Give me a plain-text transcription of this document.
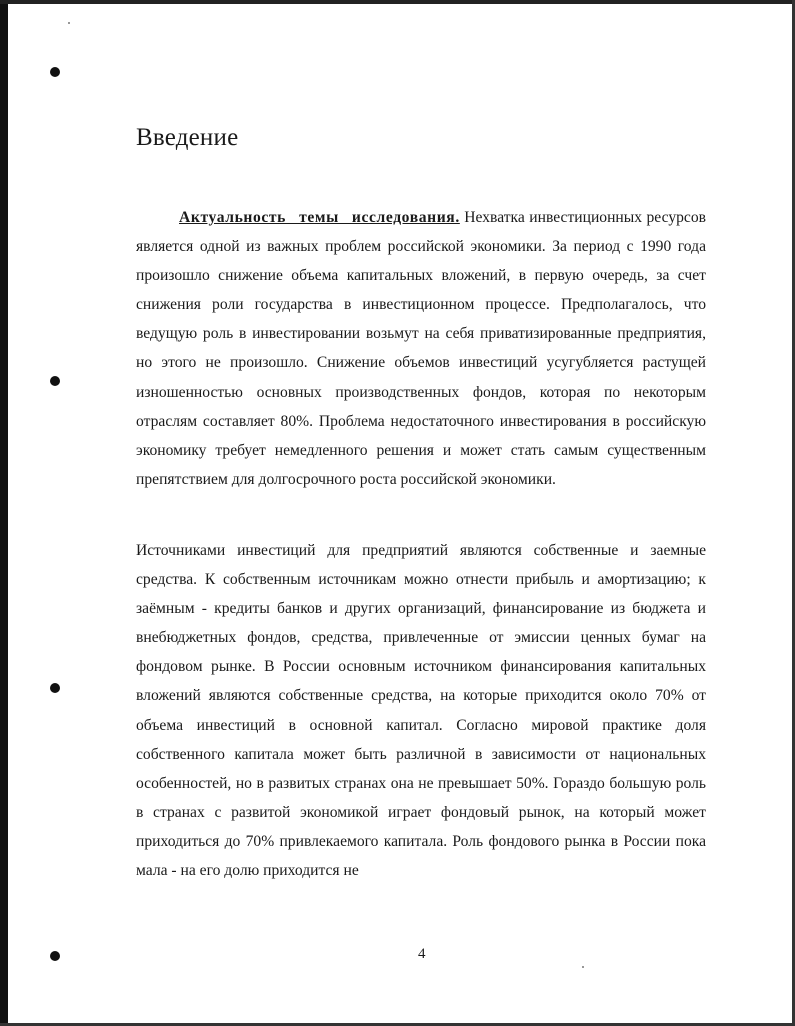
Введение

Актуальность темы исследования. Нехватка инвестиционных ресурсов является одной из важных проблем российской экономики. За период с 1990 года произошло снижение объема капитальных вложений, в первую очередь, за счет снижения роли государства в инвестиционном процессе. Предполагалось, что ведущую роль в инвестировании возьмут на себя приватизированные предприятия, но этого не произошло. Снижение объемов инвестиций усугубляется растущей изношенностью основных производственных фондов, которая по некоторым отраслям составляет 80%. Проблема недостаточного инвестирования в российскую экономику требует немедленного решения и может стать самым существенным препятствием для долгосрочного роста российской экономики.

Источниками инвестиций для предприятий являются собственные и заемные средства. К собственным источникам можно отнести прибыль и амортизацию; к заёмным - кредиты банков и других организаций, финансирование из бюджета и внебюджетных фондов, средства, привлеченные от эмиссии ценных бумаг на фондовом рынке. В России основным источником финансирования капитальных вложений являются собственные средства, на которые приходится около 70% от объема инвестиций в основной капитал. Согласно мировой практике доля собственного капитала может быть различной в зависимости от национальных особенностей, но в развитых странах она не превышает 50%. Гораздо большую роль в странах с развитой экономикой играет фондовый рынок, на который может приходиться до 70% привлекаемого капитала. Роль фондового рынка в России пока мала - на его долю приходится не

4
